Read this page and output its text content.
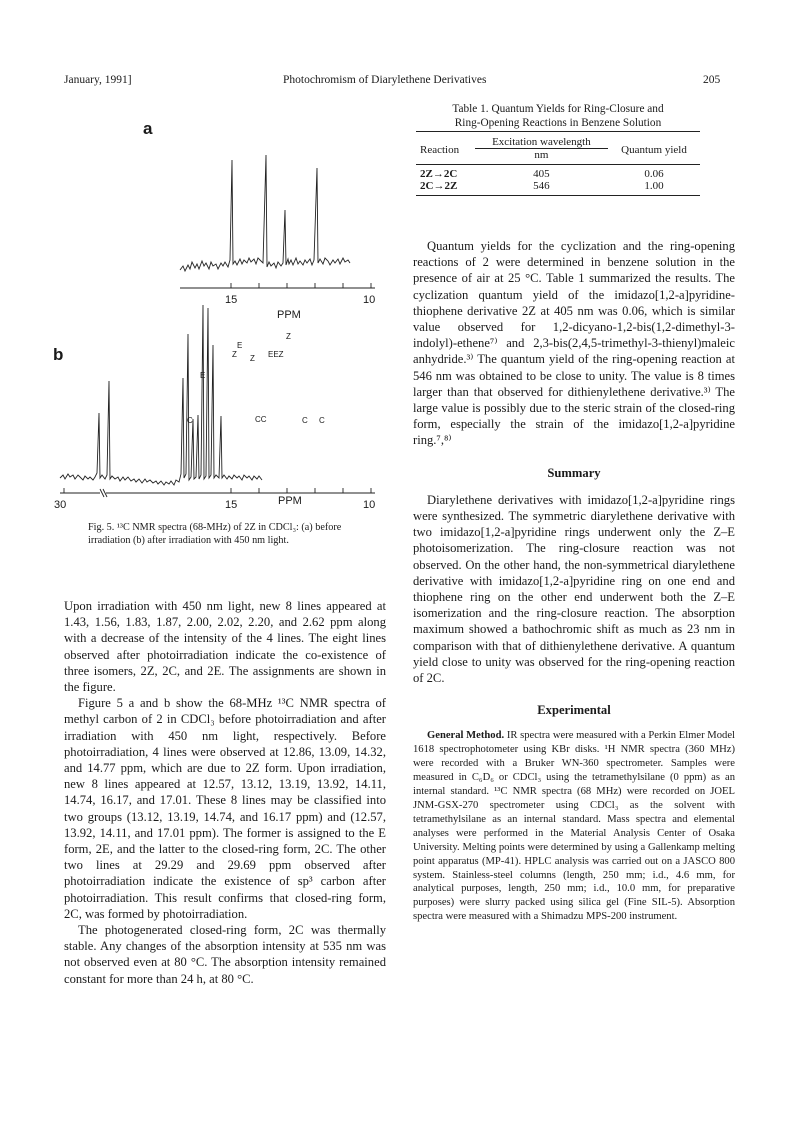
January, 1991]	Photochromism of Diarylethene Derivatives	205
a
15	10
PPM
b	E
Z Z EEZ
Z
E
C	CC	C C
30	15	10
PPM
Fig. 5. ¹³C NMR spectra (68-MHz) of 2Z in CDCl₃: (a) before irradiation (b) after irradiation with 450 nm light.
Table 1. Quantum Yields for Ring-Closure and
Ring-Opening Reactions in Benzene Solution
Reaction	Excitation wavelength	Quantum yield
	nm	
2Z→2C	405	0.06
2C→2Z	546	1.00

Upon irradiation with 450 nm light, new 8 lines appeared at 1.43, 1.56, 1.83, 1.87, 2.00, 2.02, 2.20, and 2.62 ppm along with a decrease of the intensity of the 4 lines. The eight lines observed after photoirradiation indicate the co-existence of three isomers, 2Z, 2C, and 2E. The assignments are shown in the figure.

Figure 5 a and b show the 68-MHz ¹³C NMR spectra of methyl carbon of 2 in CDCl₃ before photoirradiation and after irradiation with 450 nm light, respectively. Before photoirradiation, 4 lines were observed at 12.86, 13.09, 14.32, and 14.77 ppm, which are due to 2Z form. Upon irradiation, new 8 lines appeared at 12.57, 13.12, 13.19, 13.92, 14.11, 14.74, 16.17, and 17.01. These 8 lines may be classified into two groups (13.12, 13.19, 14.74, and 16.17 ppm) and (12.57, 13.92, 14.11, and 17.01 ppm). The former is assigned to the E form, 2E, and the latter to the closed-ring form, 2C. The other two lines at 29.29 and 29.69 ppm observed after photoirradiation indicate the existence of sp³ carbon after photoirradiation. This result confirms that closed-ring form, 2C, was formed by photoirradiation.

The photogenerated closed-ring form, 2C was thermally stable. Any changes of the absorption intensity at 535 nm was not observed even at 80 °C. The absorption intensity remained constant for more than 24 h, at 80 °C.

Quantum yields for the cyclization and the ring-opening reactions of 2 were determined in benzene solution in the presence of air at 25 °C. Table 1 summarized the results. The cyclization quantum yield of the imidazo[1,2-a]pyridine-thiophene derivative 2Z at 405 nm was 0.06, which is similar value observed for 1,2-dicyano-1,2-bis(1,2-dimethyl-3-indolyl)-ethene⁷⁾ and 2,3-bis(2,4,5-trimethyl-3-thienyl)maleic anhydride.³⁾ The quantum yield of the ring-opening reaction at 546 nm was obtained to be close to unity. The value is 8 times larger than that observed for dithienylethene derivative.³⁾ The large value is possibly due to the steric strain of the closed-ring form, especially the strain of the imidazo[1,2-a]pyridine ring.⁷,⁸⁾

Summary

Diarylethene derivatives with imidazo[1,2-a]pyridine rings were synthesized. The symmetric diarylethene derivative with two imidazo[1,2-a]pyridine rings underwent only the Z–E photoisomerization. The ring-closure reaction was not observed. On the other hand, the non-symmetrical diarylethene derivative with imidazo[1,2-a]pyridine ring on one end and thiophene ring on the other end underwent both the Z–E isomerization and the ring-closure reaction. The absorption maximum showed a bathochromic shift as much as 23 nm in comparison with that of dithienylethene derivative. A quantum yield close to unity was observed for the ring-opening reaction of 2C.

Experimental

General Method. IR spectra were measured with a Perkin Elmer Model 1618 spectrophotometer using KBr disks. ¹H NMR spectra (360 MHz) were recorded with a Bruker WN-360 spectrometer. Samples were measured in C₆D₆ or CDCl₃ using the tetramethylsilane (0 ppm) as an internal standard. ¹³C NMR spectra (68 MHz) were recorded on JOEL JNM-GSX-270 spectrometer using CDCl₃ as the solvent with tetramethylsilane as an internal standard. Mass spectra and elemental analyses were performed in the Material Analysis Center of Osaka University. Melting points were determined by using a Gallenkamp melting point apparatus (MP-41). HPLC analysis was carried out on a JASCO 800 system. Stainless-steel columns (length, 250 mm; i.d., 4.6 mm, for analytical purposes, length, 250 mm; i.d., 10.0 mm, for preparative purposes) were slurry packed using silica gel (Fine SIL-5). Absorption spectra were measured with a Shimadzu MPS-200 instrument.
